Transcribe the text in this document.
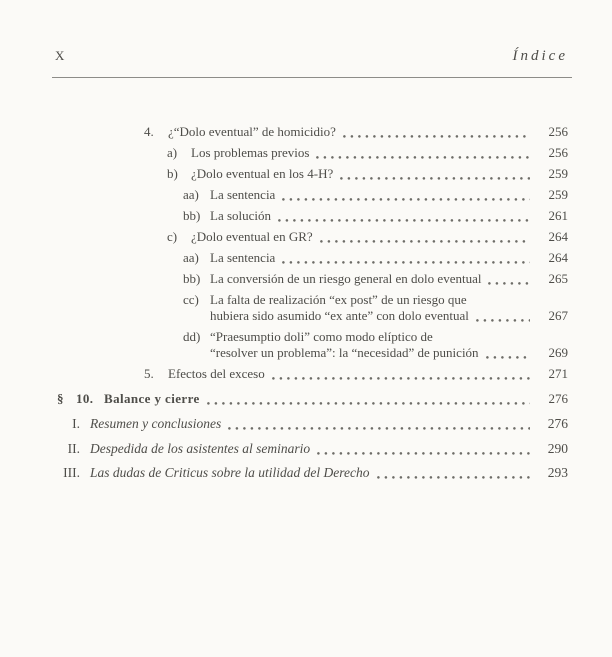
X	Índice
4.	¿“Dolo eventual” de homicidio?	256
a)	Los problemas previos	256
b)	¿Dolo eventual en los 4-H?	259
aa) La sentencia	259
bb) La solución	261
c)	¿Dolo eventual en GR?	264
aa) La sentencia	264
bb) La conversión de un riesgo general en dolo eventual	265
cc) La falta de realización “ex post” de un riesgo que
hubiera sido asumido “ex ante” con dolo eventual	267
dd) “Praesumptio doli” como modo elíptico de
“resolver un problema”: la “necesidad” de punición	269
5.	Efectos del exceso	271
§ 10. Balance y cierre	276
I. Resumen y conclusiones	276
II. Despedida de los asistentes al seminario	290
III. Las dudas de Criticus sobre la utilidad del Derecho	293
